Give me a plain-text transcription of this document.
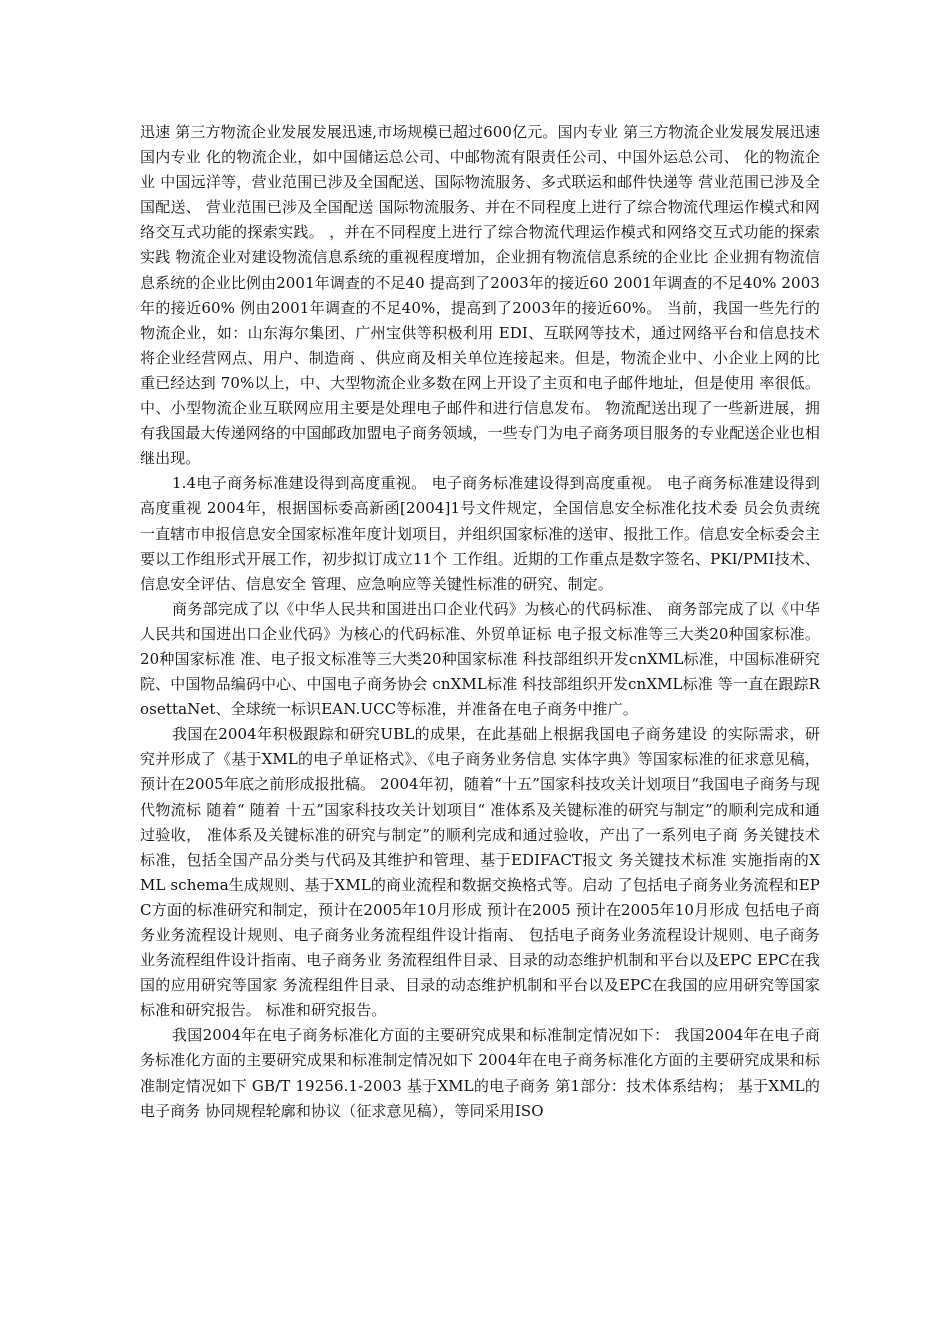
迅速 第三方物流企业发展发展迅速,市场规模已超过600亿元。国内专业 第三方物流企业发展发展迅速 国内专业 化的物流企业，如中国储运总公司、中邮物流有限责任公司、中国外运总公司、 化的物流企业 中国远洋等，营业范围已涉及全国配送、国际物流服务、多式联运和邮件快递等 营业范围已涉及全国配送、 营业范围已涉及全国配送 国际物流服务、并在不同程度上进行了综合物流代理运作模式和网络交互式功能的探索实践。 ，并在不同程度上进行了综合物流代理运作模式和网络交互式功能的探索实践 物流企业对建设物流信息系统的重视程度增加，企业拥有物流信息系统的企业比 企业拥有物流信息系统的企业比例由2001年调查的不足40 提高到了2003年的接近60 2001年调查的不足40% 2003年的接近60% 例由2001年调查的不足40%，提高到了2003年的接近60%。 当前，我国一些先行的物流企业，如：山东海尔集团、广州宝供等积极利用 EDI、互联网等技术，通过网络平台和信息技术将企业经营网点、用户、制造商 、供应商及相关单位连接起来。但是，物流企业中、小企业上网的比重已经达到 70%以上，中、大型物流企业多数在网上开设了主页和电子邮件地址，但是使用 率很低。中、小型物流企业互联网应用主要是处理电子邮件和进行信息发布。 物流配送出现了一些新进展，拥有我国最大传递网络的中国邮政加盟电子商务领域，一些专门为电子商务项目服务的专业配送企业也相继出现。

1.4电子商务标准建设得到高度重视。 电子商务标准建设得到高度重视。 电子商务标准建设得到高度重视 2004年，根据国标委高新函[2004]1号文件规定，全国信息安全标准化技术委 员会负责统一直辖市申报信息安全国家标准年度计划项目，并组织国家标准的送审、报批工作。信息安全标委会主要以工作组形式开展工作，初步拟订成立11个 工作组。近期的工作重点是数字签名、PKI/PMI技术、信息安全评估、信息安全 管理、应急响应等关键性标准的研究、制定。

商务部完成了以《中华人民共和国进出口企业代码》为核心的代码标准、 商务部完成了以《中华人民共和国进出口企业代码》为核心的代码标准、外贸单证标 电子报文标准等三大类20种国家标准。 20种国家标准 准、电子报文标准等三大类20种国家标准 科技部组织开发cnXML标准，中国标准研究院、中国物品编码中心、中国电子商务协会 cnXML标准 科技部组织开发cnXML标准 等一直在跟踪RosettaNet、全球统一标识EAN.UCC等标准，并准备在电子商务中推广。

我国在2004年积极跟踪和研究UBL的成果，在此基础上根据我国电子商务建设 的实际需求，研究并形成了《基于XML的电子单证格式》、《电子商务业务信息 实体字典》等国家标准的征求意见稿，预计在2005年底之前形成报批稿。 2004年初，随着“十五”国家科技攻关计划项目“我国电子商务与现代物流标 随着“ 随着 十五”国家科技攻关计划项目“ 准体系及关键标准的研究与制定”的顺利完成和通过验收， 准体系及关键标准的研究与制定”的顺利完成和通过验收，产出了一系列电子商 务关键技术标准，包括全国产品分类与代码及其维护和管理、基于EDIFACT报文 务关键技术标准 实施指南的XML schema生成规则、基于XML的商业流程和数据交换格式等。启动 了包括电子商务业务流程和EPC方面的标准研究和制定，预计在2005年10月形成 预计在2005 预计在2005年10月形成 包括电子商务业务流程设计规则、电子商务业务流程组件设计指南、 包括电子商务业务流程设计规则、电子商务业务流程组件设计指南、电子商务业 务流程组件目录、目录的动态维护机制和平台以及EPC EPC在我国的应用研究等国家 务流程组件目录、目录的动态维护机制和平台以及EPC在我国的应用研究等国家 标准和研究报告。 标准和研究报告。

我国2004年在电子商务标准化方面的主要研究成果和标准制定情况如下： 我国2004年在电子商务标准化方面的主要研究成果和标准制定情况如下 2004年在电子商务标准化方面的主要研究成果和标准制定情况如下 GB/T 19256.1-2003 基于XML的电子商务 第1部分：技术体系结构； 基于XML的电子商务 协同规程轮廓和协议（征求意见稿），等同采用ISO
